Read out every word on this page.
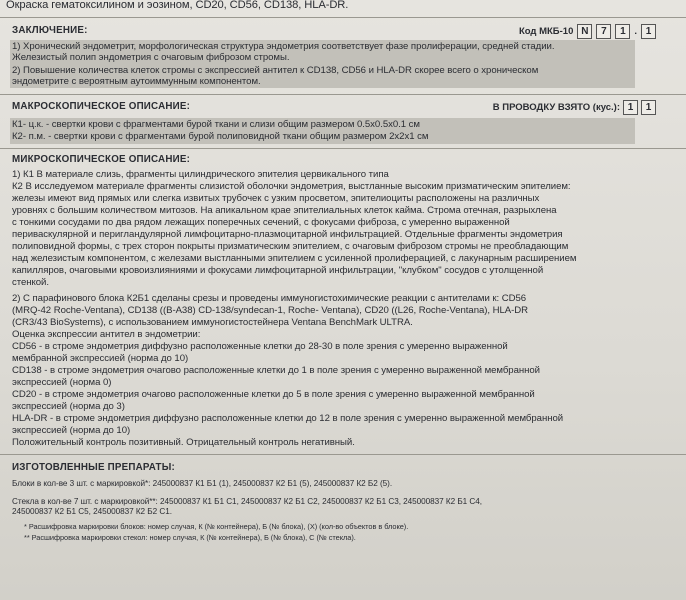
Окраска гематоксилином и эозином, CD20, CD56, CD138, HLA-DR.
ЗАКЛЮЧЕНИЕ:	Код МКБ-10 N	7	1 . 1
1) Хронический эндометрит, морфологическая структура эндометрия соответствует фазе пролиферации, средней стадии.
Железистый полип эндометрия с очаговым фиброзом стромы.
2) Повышение количества клеток стромы с экспрессией антител к CD138, CD56 и HLA-DR скорее всего о хроническом
эндометрите с вероятным аутоиммунным компонентом.
МАКРОСКОПИЧЕСКОЕ ОПИСАНИЕ:	В ПРОВОДКУ ВЗЯТО (кус.): 1	1
К1- ц.к. - свертки крови с фрагментами бурой ткани и слизи общим размером 0.5х0.5х0.1 см
К2- п.м. - свертки крови с фрагментами бурой полиповидной ткани общим размером 2х2х1 см
МИКРОСКОПИЧЕСКОЕ ОПИСАНИЕ:
1) К1 В материале слизь, фрагменты цилиндрического эпителия цервикального типа
К2 В исследуемом материале фрагменты слизистой оболочки эндометрия, выстланные высоким призматическим эпителием:
железы имеют вид прямых или слегка извитых трубочек с узким просветом, эпителиоциты расположены на различных
уровнях с большим количеством митозов. На апикальном крае эпителиальных клеток кайма. Строма отечная, разрыхлена
с тонкими сосудами по два рядом лежащих поперечных сечений, с фокусами фиброза, с умеренно выраженной
периваскулярной и перигландулярной лимфоцитарно-плазмоцитарной инфильтрацией. Отдельные фрагменты эндометрия
полиповидной формы, с трех сторон покрыты призматическим эпителием, с очаговым фиброзом стромы не преобладающим
над железистым компонентом, с железами выстланными эпителием с усиленной пролиферацией, с лакунарным расширением
капилляров, очаговыми кровоизлияниями и фокусами лимфоцитарной инфильтрации, "клубком" сосудов с утолщенной
стенкой.
2) С парафинового блока К2Б1 сделаны срезы и проведены иммуногистохимические реакции с антителами к: CD56
(MRQ-42 Roche-Ventana), CD138 ((B-A38) CD-138/syndecan-1, Roche- Ventana), CD20 ((L26, Roche-Ventana), HLA-DR
(CR3/43 BioSystems), с использованием иммуногистостейнера Ventana BenchMark ULTRA.
Оценка экспрессии антител в эндометрии:
CD56 - в строме эндометрия диффузно расположенные клетки до 28-30 в поле зрения с умеренно выраженной
мембранной экспрессией (норма до 10)
CD138 - в строме эндометрия очагово расположенные клетки до 1 в поле зрения с умеренно выраженной мембранной
экспрессией (норма 0)
CD20 - в строме эндометрия очагово расположенные клетки до 5 в поле зрения с умеренно выраженной мембранной
экспрессией (норма до 3)
HLA-DR - в строме эндометрия диффузно расположенные клетки до 12 в поле зрения с умеренно выраженной мембранной
экспрессией (норма до 10)
Положительный контроль позитивный. Отрицательный контроль негативный.
ИЗГОТОВЛЕННЫЕ ПРЕПАРАТЫ:
Блоки в кол-ве 3 шт. с маркировкой*: 245000837 К1 Б1 (1), 245000837 К2 Б1 (5), 245000837 К2 Б2 (5).
Стекла в кол-ве 7 шт. с маркировкой**: 245000837 К1 Б1 С1, 245000837 К2 Б1 С2, 245000837 К2 Б1 С3, 245000837 К2 Б1 С4,
245000837 К2 Б1 С5, 245000837 К2 Б2 С1.
* Расшифровка маркировки блоков: номер случая, К (№ контейнера), Б (№ блока), (Х) (кол-во объектов в блоке).
** Расшифровка маркировки стекол: номер случая, К (№ контейнера), Б (№ блока), С (№ стекла).
